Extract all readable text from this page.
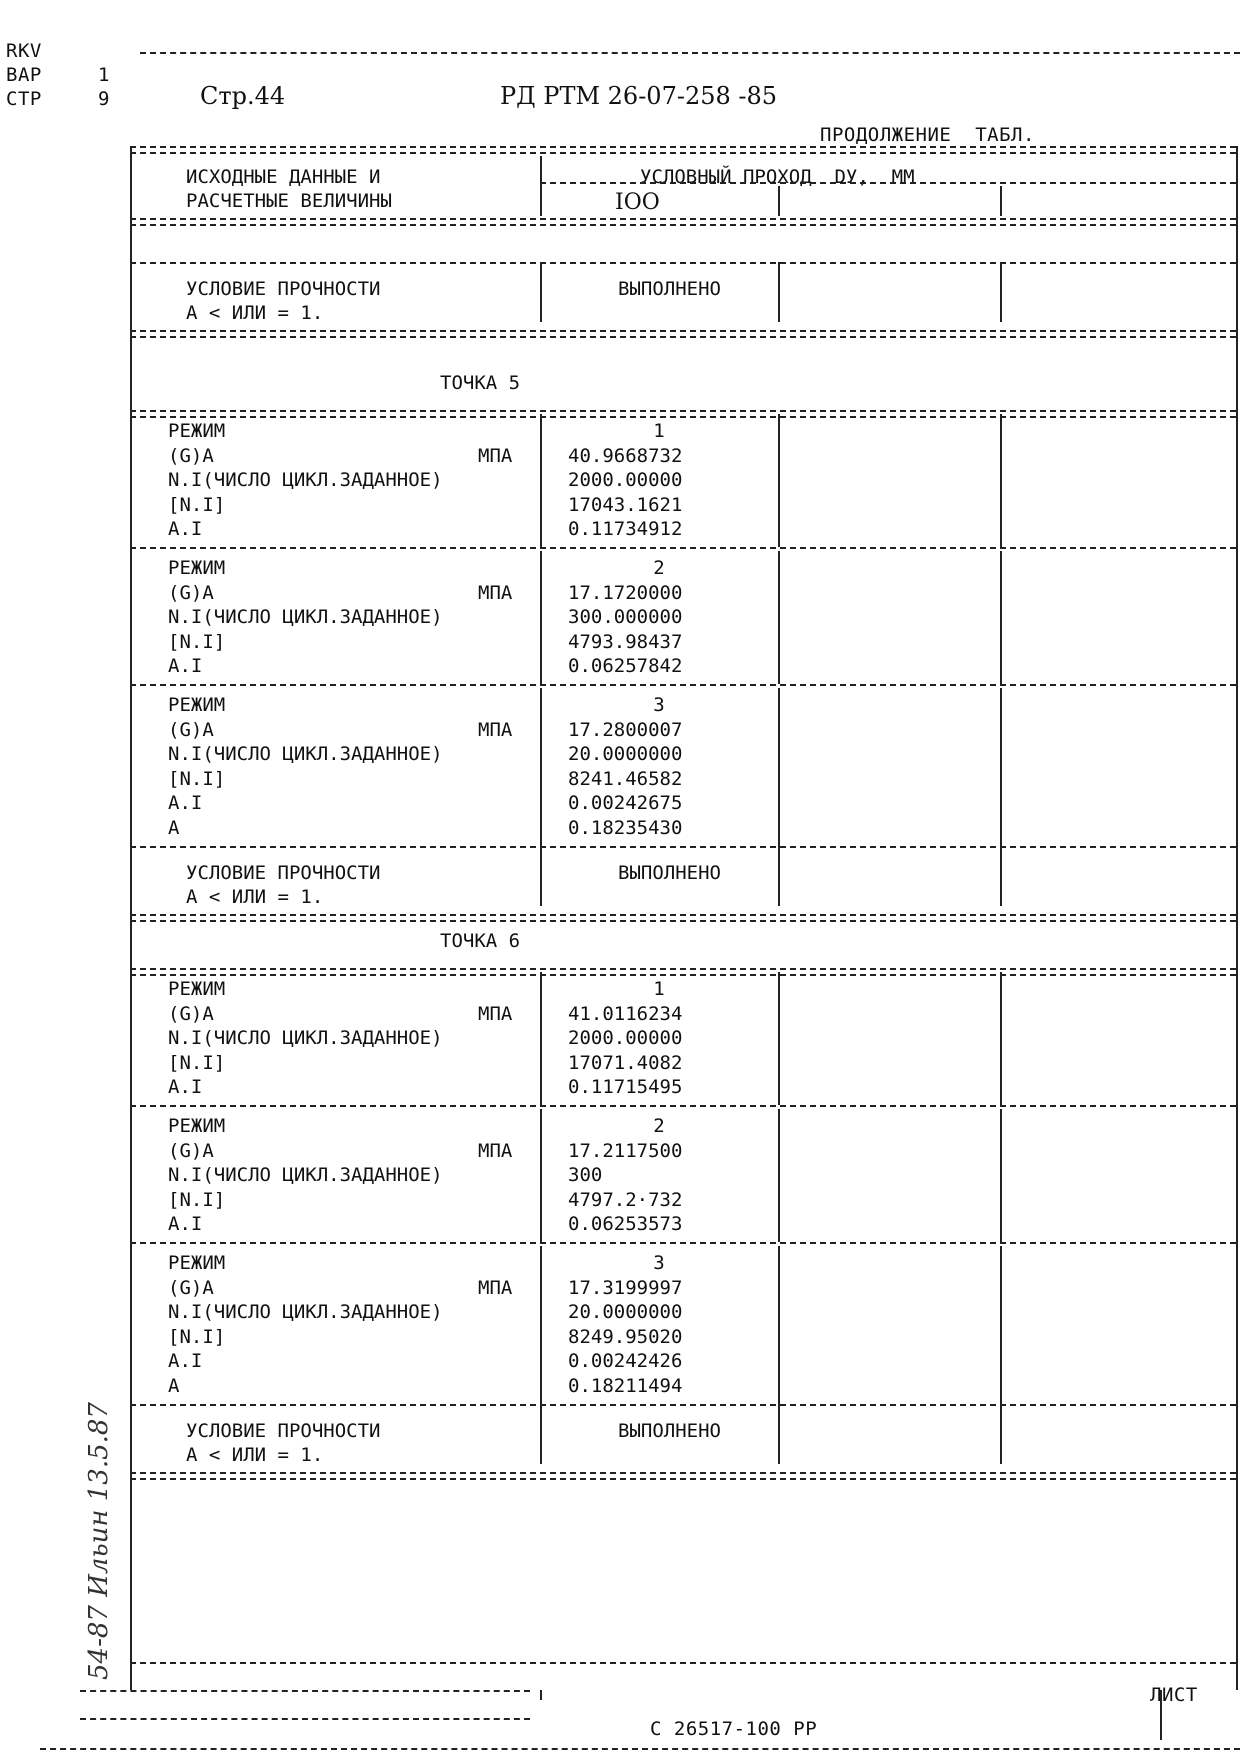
RKV
ВАР	1
СТР	9	Стр.44	РД РТМ 26-07-258 -85
ПРОДОЛЖЕНИЕ  ТАБЛ.
ИСХОДНЫЕ ДАННЫЕ И
РАСЧЕТНЫЕ ВЕЛИЧИНЫ
УСЛОВНЫЙ ПРОХОД  DУ,  ММ
IOO
УСЛОВИЕ ПРОЧНОСТИ
A < ИЛИ = 1.
ВЫПОЛНЕНО
ТОЧКА 5
РЕЖИМ	1
(G)A	МПА	40.9668732
N.I(ЧИСЛО ЦИКЛ.ЗАДАННОЕ)	2000.00000
[N.I]	17043.1621
A.I	0.11734912
РЕЖИМ	2
(G)A	МПА	17.1720000
N.I(ЧИСЛО ЦИКЛ.ЗАДАННОЕ)	300.000000
[N.I]	4793.98437
A.I	0.06257842
РЕЖИМ	3
(G)A	МПА	17.2800007
N.I(ЧИСЛО ЦИКЛ.ЗАДАННОЕ)	20.0000000
[N.I]	8241.46582
A.I	0.00242675
A	0.18235430
УСЛОВИЕ ПРОЧНОСТИ
A < ИЛИ = 1.
ВЫПОЛНЕНО
ТОЧКА 6
РЕЖИМ	1
(G)A	МПА	41.0116234
N.I(ЧИСЛО ЦИКЛ.ЗАДАННОЕ)	2000.00000
[N.I]	17071.4082
A.I	0.11715495
РЕЖИМ	2
(G)A	МПА	17.2117500
N.I(ЧИСЛО ЦИКЛ.ЗАДАННОЕ)	300
[N.I]	4797.2·732
A.I	0.06253573
РЕЖИМ	3
(G)A	МПА	17.3199997
N.I(ЧИСЛО ЦИКЛ.ЗАДАННОЕ)	20.0000000
[N.I]	8249.95020
A.I	0.00242426
A	0.18211494
УСЛОВИЕ ПРОЧНОСТИ
A < ИЛИ = 1.
ВЫПОЛНЕНО
54-87 Ильин 13.5.87
ЛИСТ
C 26517-100 PP
